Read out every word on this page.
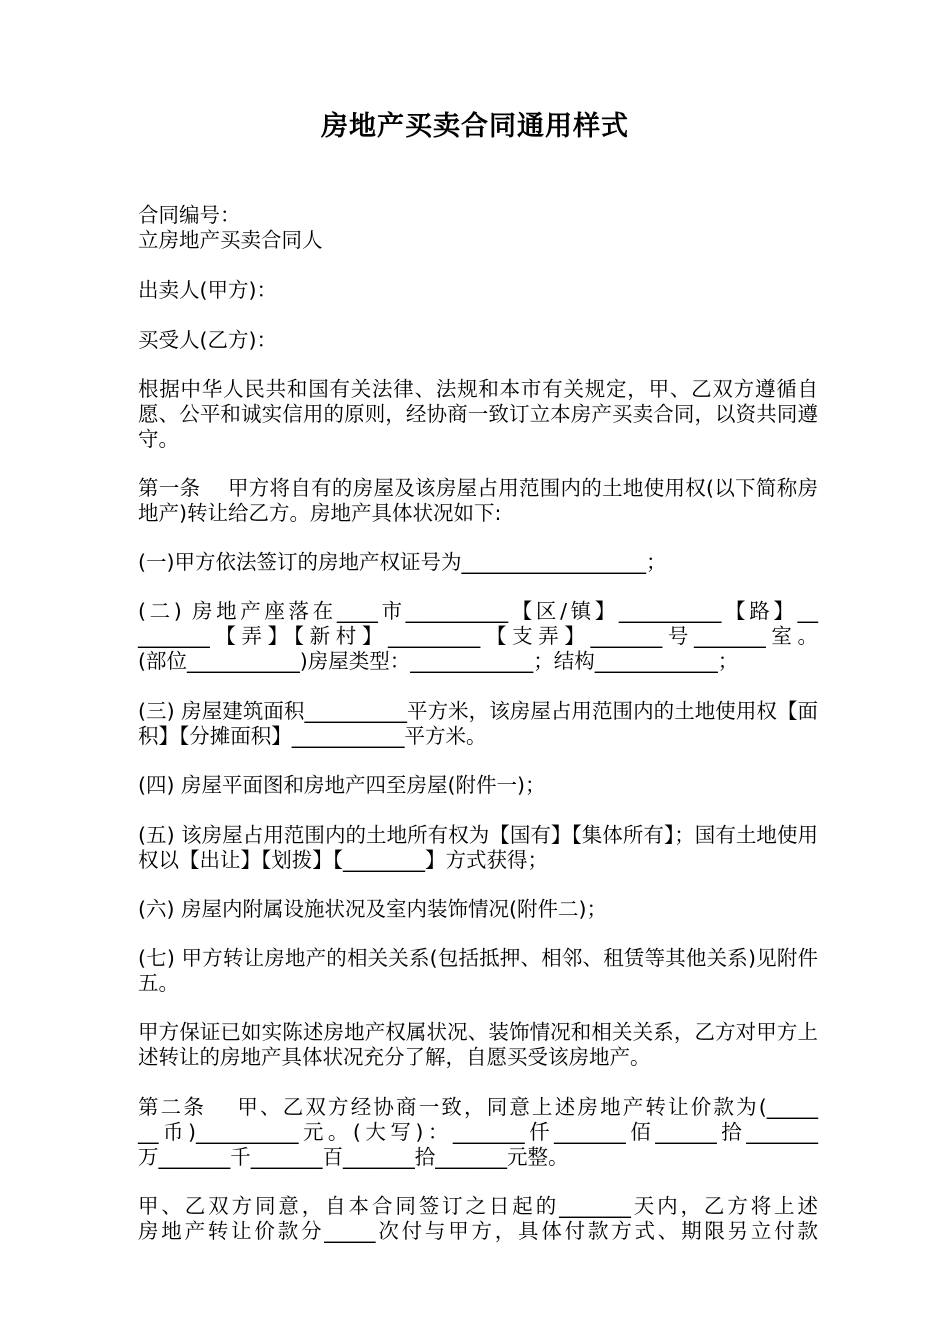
房地产买卖合同通用样式
合同编号：
立房地产买卖合同人
出卖人(甲方)：
买受人(乙方)：
根据中华人民共和国有关法律、法规和本市有关规定，甲、乙双方遵循自愿、公平和诚实信用的原则，经协商一致订立本房产买卖合同，以资共同遵守。
第一条　 甲方将自有的房屋及该房屋占用范围内的土地使用权(以下简称房地产)转让给乙方。房地产具体状况如下:
(一)甲方依法签订的房地产权证号为__________________；
(二) 房地产座落在____市__________【区/镇】__________【路】__
_______【弄】【新村】_________【支弄】_______号_______室。
(部位___________)房屋类型：____________；结构____________；
(三) 房屋建筑面积__________平方米，该房屋占用范围内的土地使用权【面积】【分摊面积】___________平方米。
(四) 房屋平面图和房地产四至房屋(附件一)；
(五) 该房屋占用范围内的土地所有权为【国有】【集体所有】；国有土地使用权以【出让】【划拨】【________】方式获得；
(六) 房屋内附属设施状况及室内装饰情况(附件二)；
(七) 甲方转让房地产的相关关系(包括抵押、相邻、租赁等其他关系)见附件五。
甲方保证已如实陈述房地产权属状况、装饰情况和相关关系，乙方对甲方上述转让的房地产具体状况充分了解，自愿买受该房地产。
第二条　 甲、乙双方经协商一致，同意上述房地产转让价款为(_____
__币)__________元。(大写)：_______仟_______佰______拾_______
万_______千_______百_______拾_______元整。
甲、乙双方同意，自本合同签订之日起的_______天内，乙方将上述
房地产转让价款分_____次付与甲方，具体付款方式、期限另立付款
